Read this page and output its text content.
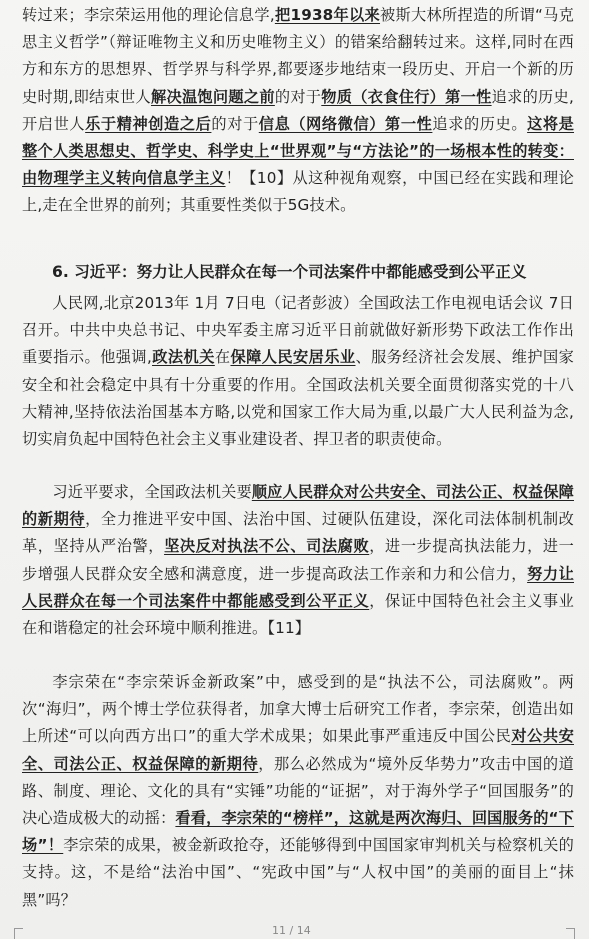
转过来；李宗荣运用他的理论信息学,把1938年以来被斯大林所捏造的所谓“马克思主义哲学”（辩证唯物主义和历史唯物主义）的错案给翻转过来。这样,同时在西方和东方的思想界、哲学界与科学界,都要逐步地结束一段历史、开启一个新的历史时期,即结束世人解决温饱问题之前的对于物质（衣食住行）第一性追求的历史,开启世人乐于精神创造之后的对于信息（网络微信）第一性追求的历史。这将是整个人类思想史、哲学史、科学史上“世界观”与“方法论”的一场根本性的转变：由物理学主义转向信息学主义！【10】从这种视角观察，中国已经在实践和理论上,走在全世界的前列；其重要性类似于5G技术。
6. 习近平：努力让人民群众在每一个司法案件中都能感受到公平正义
人民网,北京2013年 1月 7日电（记者彭波）全国政法工作电视电话会议 7日召开。中共中央总书记、中央军委主席习近平日前就做好新形势下政法工作作出重要指示。他强调,政法机关在保障人民安居乐业、服务经济社会发展、维护国家安全和社会稳定中具有十分重要的作用。全国政法机关要全面贯彻落实党的十八大精神,坚持依法治国基本方略,以党和国家工作大局为重,以最广大人民利益为念,切实肩负起中国特色社会主义事业建设者、捍卫者的职责使命。
习近平要求，全国政法机关要顺应人民群众对公共安全、司法公正、权益保障的新期待，全力推进平安中国、法治中国、过硬队伍建设，深化司法体制机制改革，坚持从严治警，坚决反对执法不公、司法腐败，进一步提高执法能力，进一步增强人民群众安全感和满意度，进一步提高政法工作亲和力和公信力，努力让人民群众在每一个司法案件中都能感受到公平正义，保证中国特色社会主义事业在和谐稳定的社会环境中顺利推进。【11】
李宗荣在“李宗荣诉金新政案”中，感受到的是“执法不公，司法腐败”。两次“海归”，两个博士学位获得者，加拿大博士后研究工作者，李宗荣，创造出如上所述“可以向西方出口”的重大学术成果；如果此事严重违反中国公民对公共安全、司法公正、权益保障的新期待，那么必然成为“境外反华势力”攻击中国的道路、制度、理论、文化的具有“实锤”功能的“证据”，对于海外学子“回国服务”的决心造成极大的动摇：看看，李宗荣的“榜样”，这就是两次海归、回国服务的“下场”！李宗荣的成果，被金新政抢夺，还能够得到中国国家审判机关与检察机关的支持。这，不是给“法治中国”、“宪政中国”与“人权中国”的美丽的面目上“抹黑”吗？
11 / 14
